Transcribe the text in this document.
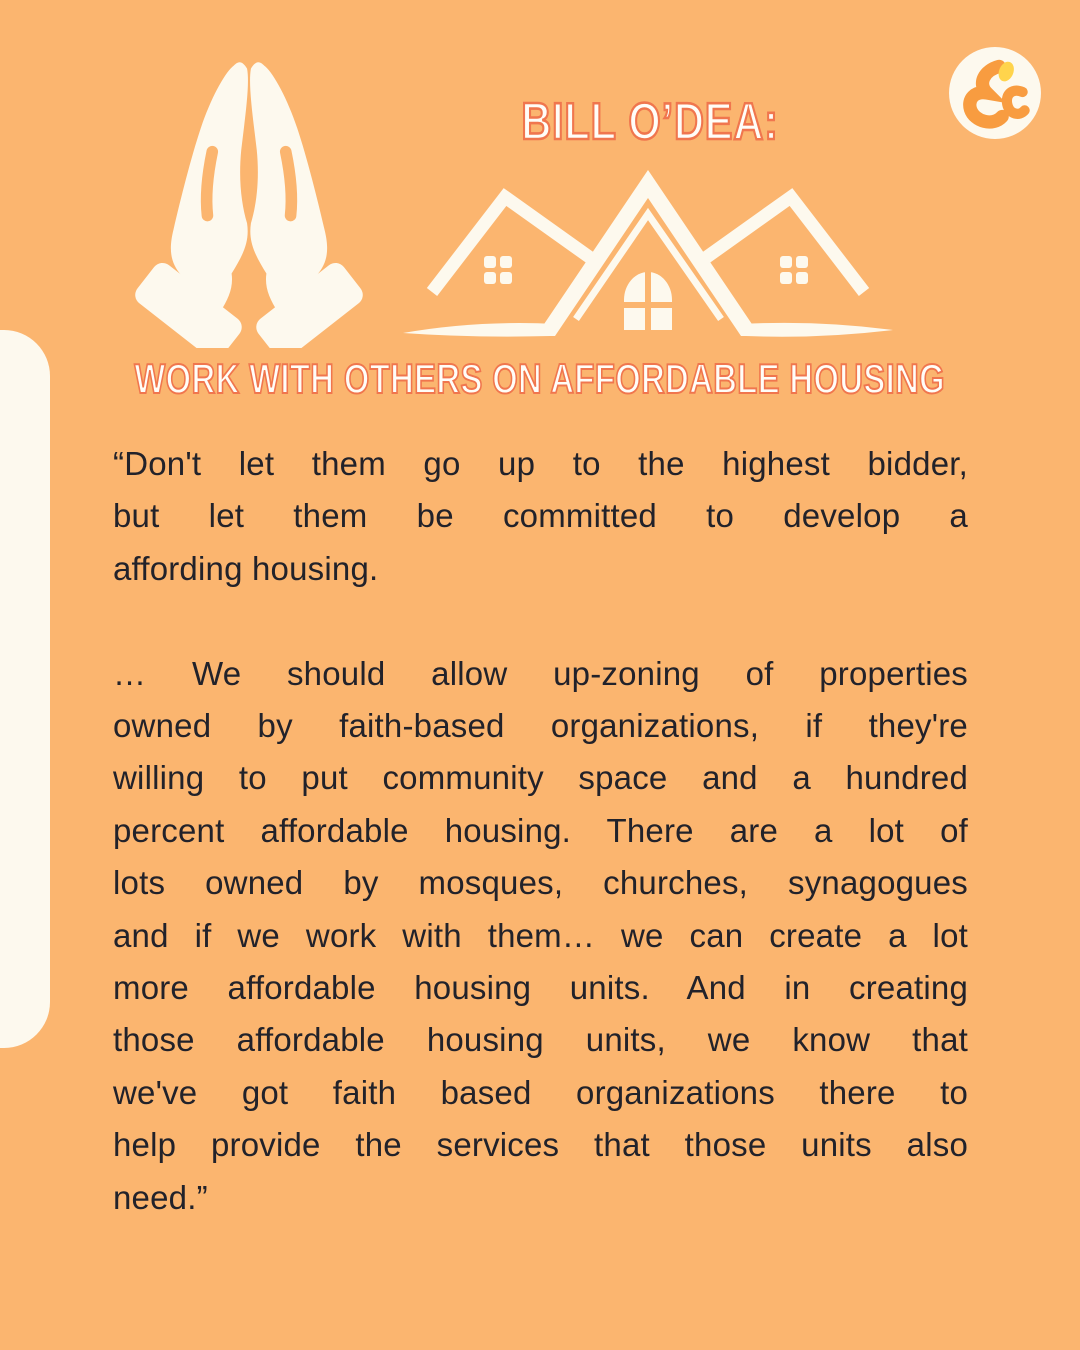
BILL O’DEA:
WORK WITH OTHERS ON AFFORDABLE HOUSING
“Don't let them go up to the highest bidder,
but let them be committed to develop a
affording housing.
… We should allow up-zoning of properties
owned by faith-based organizations, if they're
willing to put community space and a hundred
percent affordable housing. There are a lot of
lots owned by mosques, churches, synagogues
and if we work with them… we can create a lot
more affordable housing units. And in creating
those affordable housing units, we know that
we've got faith based organizations there to
help provide the services that those units also
need.”
